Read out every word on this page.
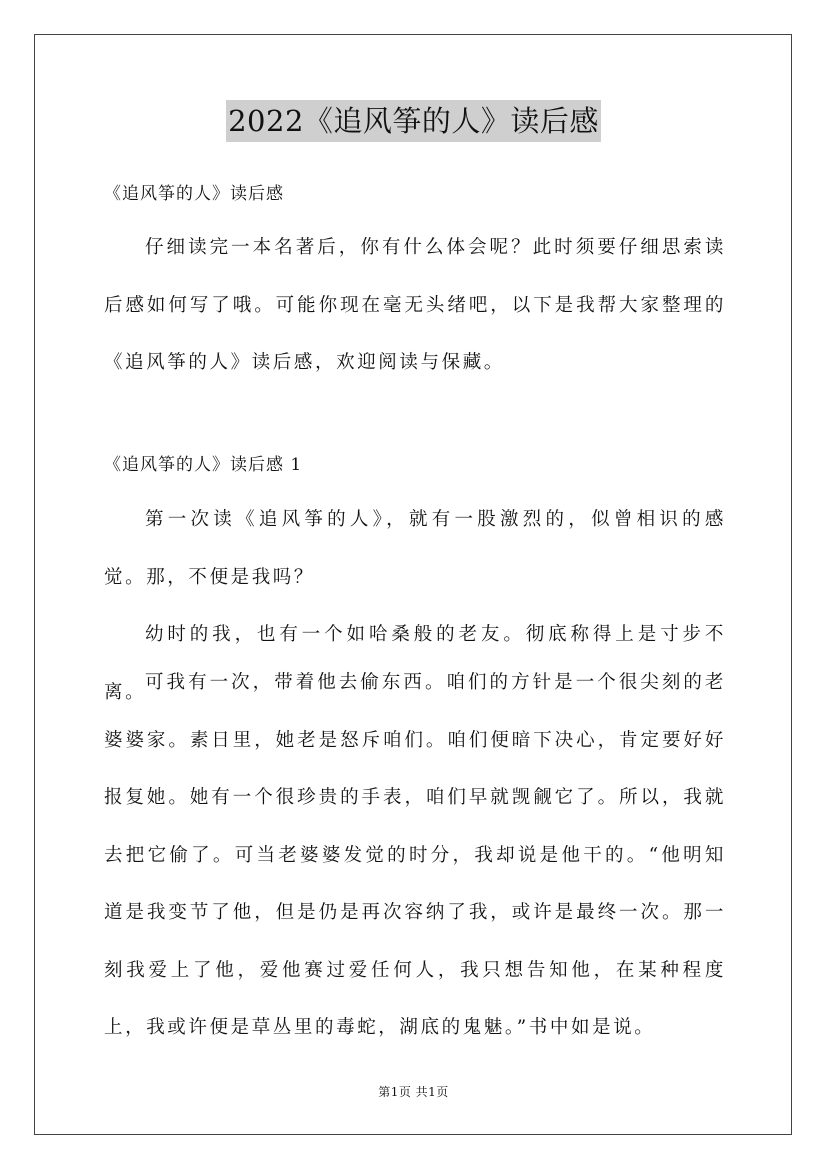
2022《追风筝的人》读后感
《追风筝的人》读后感

仔细读完一本名著后，你有什么体会呢？此时须要仔细思索读后感如何写了哦。可能你现在毫无头绪吧，以下是我帮大家整理的《追风筝的人》读后感，欢迎阅读与保藏。

《追风筝的人》读后感 1

第一次读《追风筝的人》，就有一股激烈的，似曾相识的感觉。那，不便是我吗？

幼时的我，也有一个如哈桑般的老友。彻底称得上是寸步不离。

可我有一次，带着他去偷东西。咱们的方针是一个很尖刻的老婆婆家。素日里，她老是怒斥咱们。咱们便暗下决心，肯定要好好报复她。她有一个很珍贵的手表，咱们早就觊觎它了。所以，我就去把它偷了。可当老婆婆发觉的时分，我却说是他干的。“他明知道是我变节了他，但是仍是再次容纳了我，或许是最终一次。那一刻我爱上了他，爱他赛过爱任何人，我只想告知他，在某种程度上，我或许便是草丛里的毒蛇，湖底的鬼魅。”书中如是说。

第1页 共1页
